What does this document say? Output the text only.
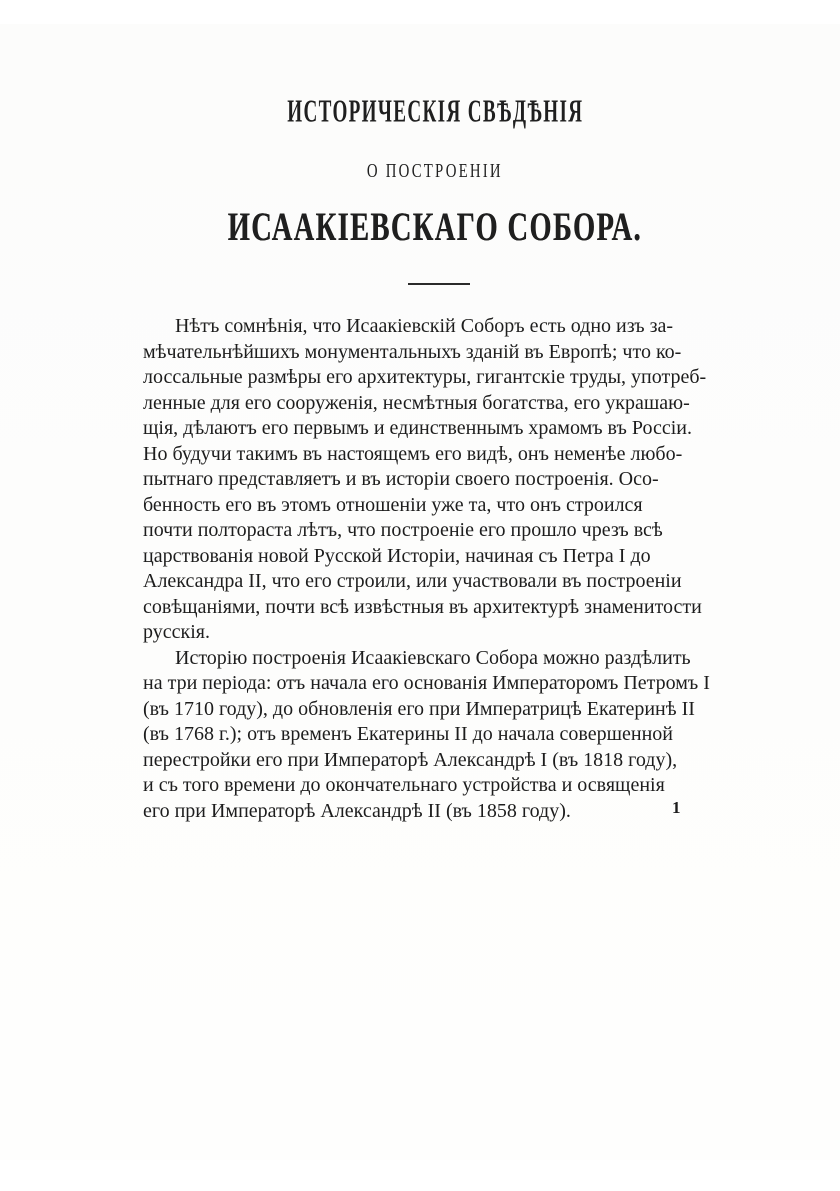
ИСТОРИЧЕСКІЯ СВѢДѢНІЯ
О ПОСТРОЕНІИ
ИСААКІЕВСКАГО СОБОРА.
Нѣтъ сомнѣнія, что Исаакіевскій Соборъ есть одно изъ за-
мѣчательнѣйшихъ монументальныхъ зданій въ Европѣ; что ко-
лоссальные размѣры его архитектуры, гигантскіе труды, употреб-
ленные для его сооруженія, несмѣтныя богатства, его украшаю-
щія, дѣлаютъ его первымъ и единственнымъ храмомъ въ Россіи.
Но будучи такимъ въ настоящемъ его видѣ, онъ неменѣе любо-
пытнаго представляетъ и въ исторіи своего построенія. Осо-
бенность его въ этомъ отношеніи уже та, что онъ строился
почти полтораста лѣтъ, что построеніе его прошло чрезъ всѣ
царствованія новой Русской Исторіи, начиная съ Петра I до
Александра II, что его строили, или участвовали въ построеніи
совѣщаніями, почти всѣ извѣстныя въ архитектурѣ знаменитости
русскія.
Исторію построенія Исаакіевскаго Собора можно раздѣлить
на три періода: отъ начала его основанія Императоромъ Петромъ I
(въ 1710 году), до обновленія его при Императрицѣ Екатеринѣ II
(въ 1768 г.); отъ временъ Екатерины II до начала совершенной
перестройки его при Императорѣ Александрѣ I (въ 1818 году),
и съ того времени до окончательнаго устройства и освященія
его при Императорѣ Александрѣ II (въ 1858 году).	1
